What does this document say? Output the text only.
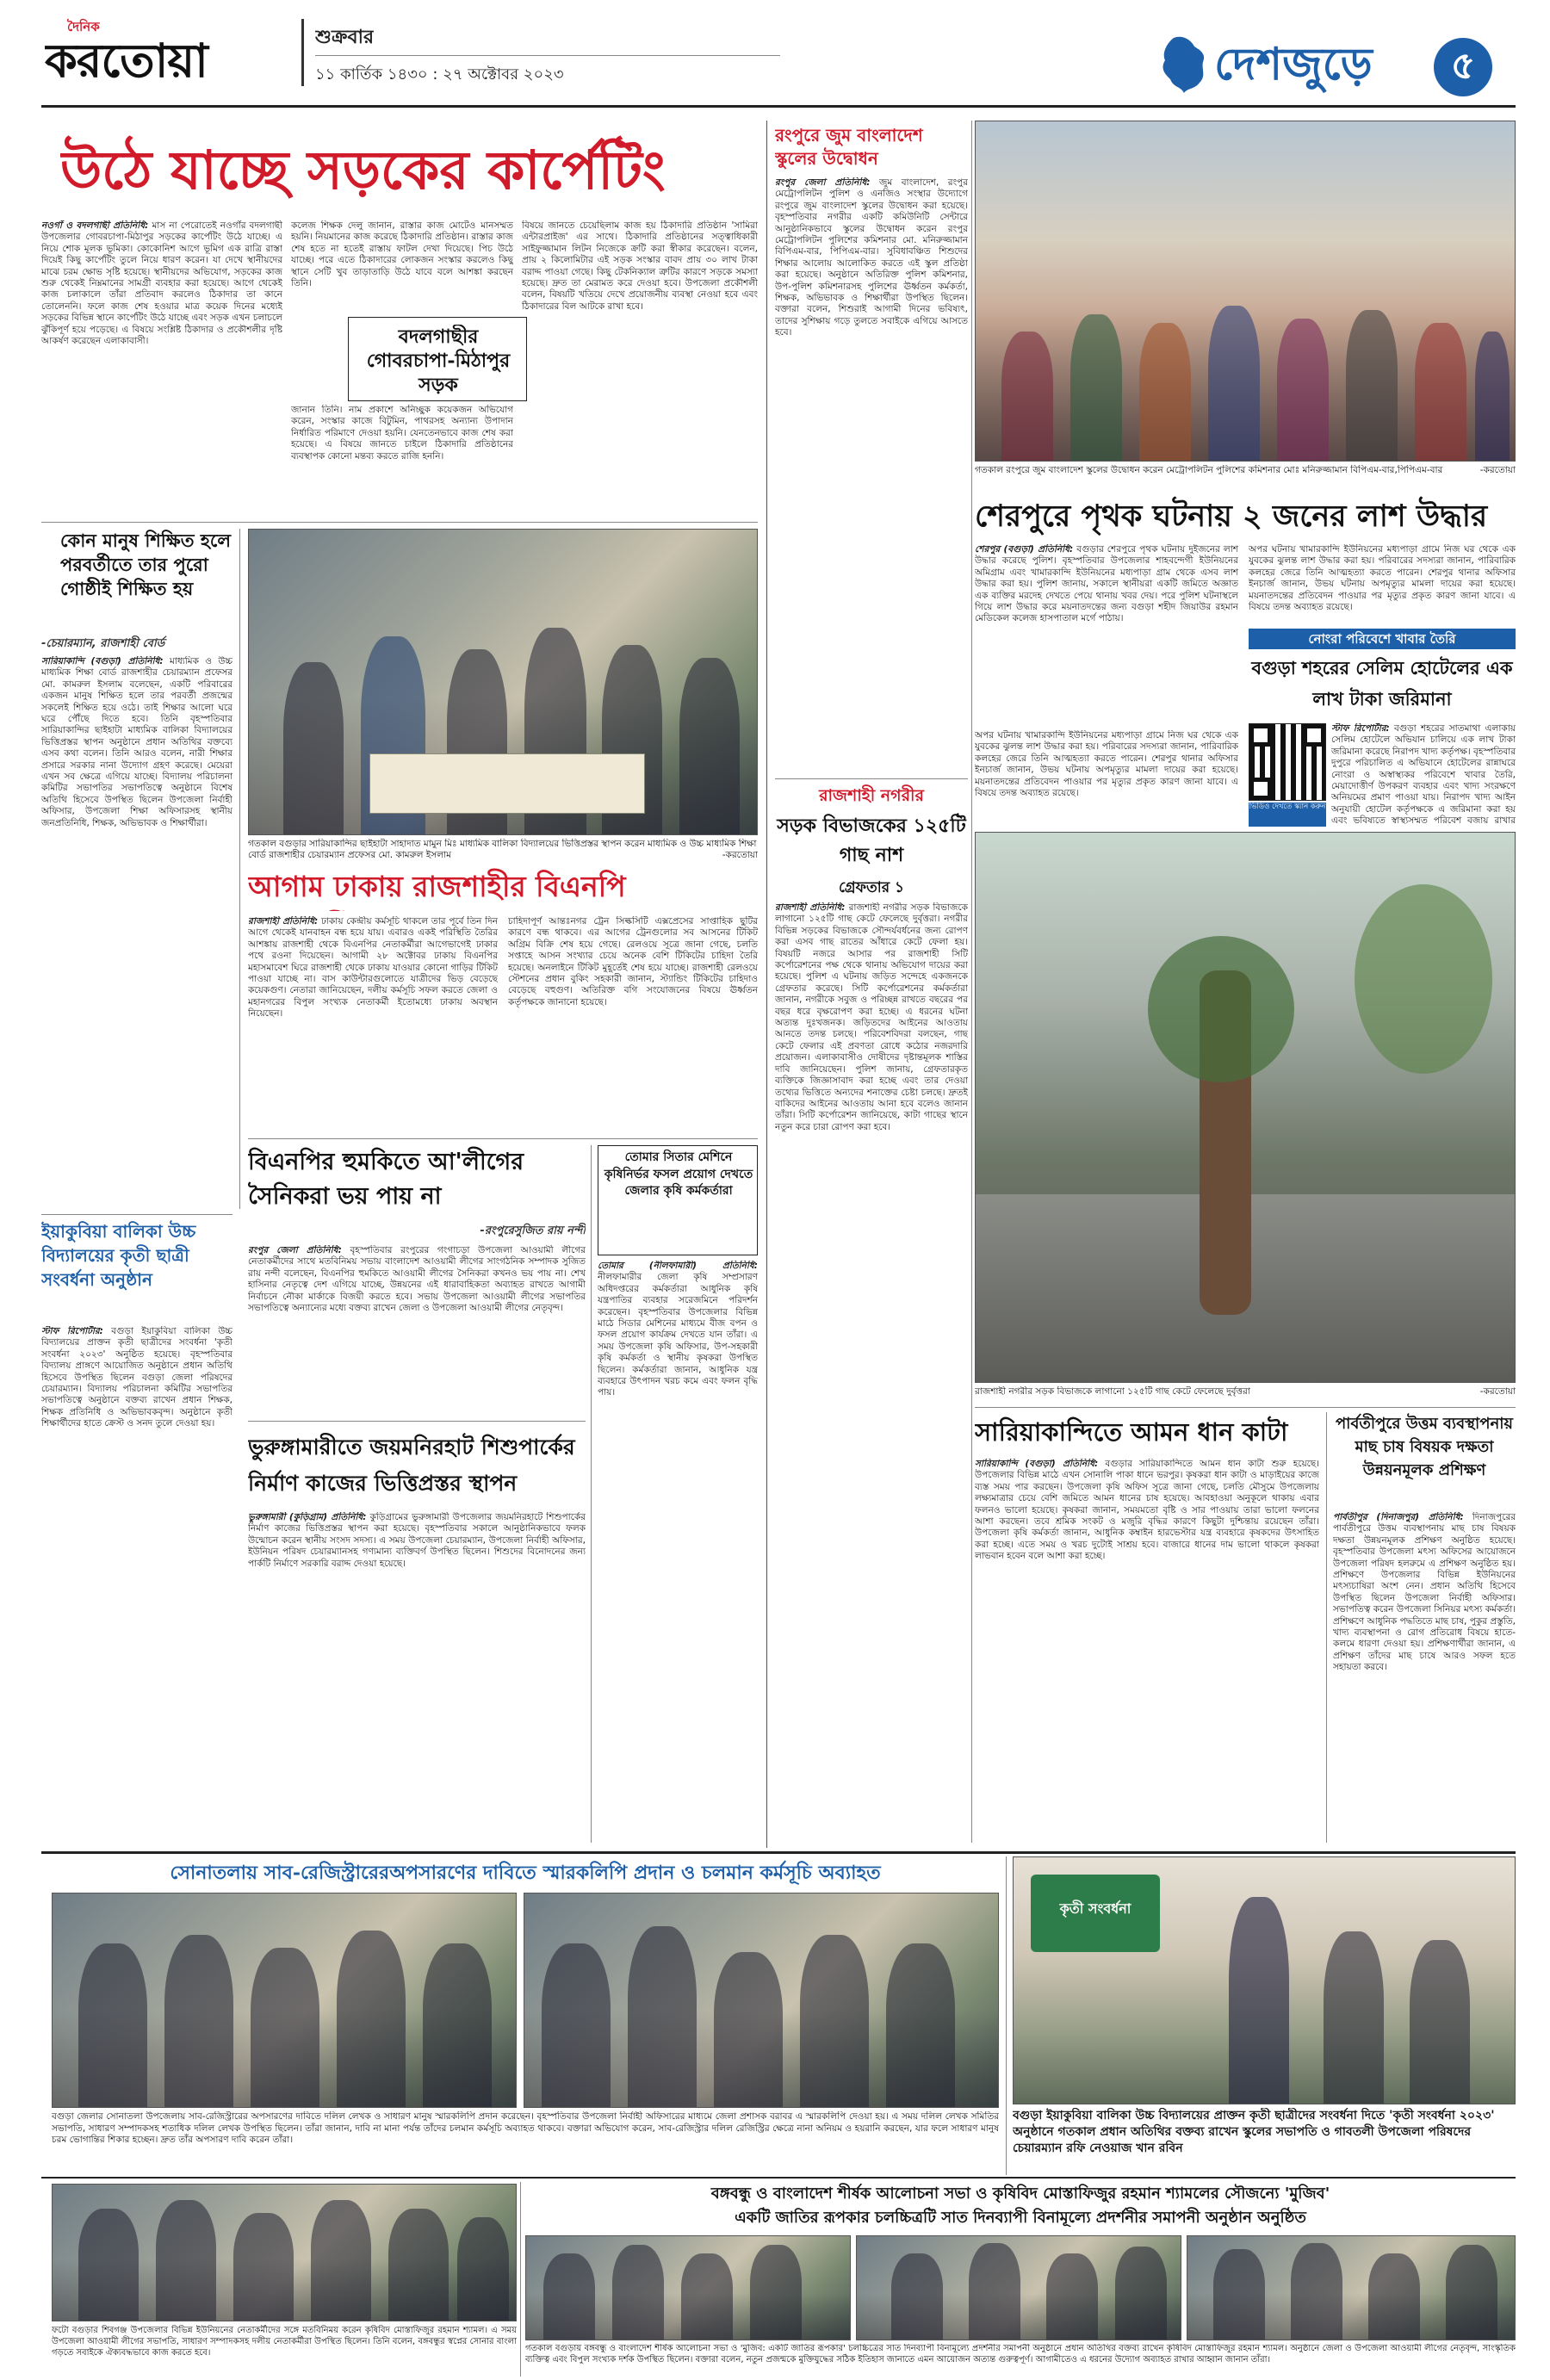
দৈনিক
করতোয়া	শুক্রবার
১১ কার্তিক ১৪৩০ : ২৭ অক্টোবর ২০২৩	দেশজুড়ে	৫
উঠে যাচ্ছে সড়কের কার্পেটিং
নওগাঁ ও বদলগাছী প্রতিনিধি: মাস না পেরোতেই নওগাঁর বদলগাছী উপজেলার গোবরচাপা-মিঠাপুর সড়কের কার্পেটিং উঠে যাচ্ছে। এ নিয়ে শোক মূলক ভূমিকা। কোকোনিশ আগে ভূমিগ এক রাত্রি রাস্তা দিয়েই কিছু কার্পেটিং তুলে নিয়ে ধারণ করেন। যা দেখে স্থানীয়দের মাঝে চরম ক্ষোভ সৃষ্টি হয়েছে। স্থানীয়দের অভিযোগ, সড়কের কাজ শুরু থেকেই নিম্নমানের সামগ্রী ব্যবহার করা হয়েছে। আগে থেকেই কাজ চলাকালে তাঁরা প্রতিবাদ করলেও ঠিকাদার তা কানে তোলেননি। ফলে কাজ শেষ হওয়ার মাত্র কয়েক দিনের মধ্যেই সড়কের বিভিন্ন স্থানে কার্পেটিং উঠে যাচ্ছে এবং সড়ক এখন চলাচলে ঝুঁকিপূর্ণ হয়ে পড়েছে। এ বিষয়ে সংশ্লিষ্ট ঠিকাদার ও প্রকৌশলীর দৃষ্টি আকর্ষণ করেছেন এলাকাবাসী।
কলেজ শিক্ষক দেলু জানান, রাস্তার কাজ মোটেও মানসম্মত হয়নি। নিয়মানের কাজ করেছে ঠিকাদারি প্রতিষ্ঠান। রাস্তার কাজ শেষ হতে না হতেই রাস্তায় ফাটল দেখা দিয়েছে। পিচ উঠে যাচ্ছে। পরে এতে ঠিকাদারের লোকজন সংস্কার করলেও কিছু স্থানে সেটি খুব তাড়াতাড়ি উঠে যাবে বলে আশঙ্কা করছেন তিনি।
বদলগাছীর গোবরচাপা-মিঠাপুর সড়ক
জানান তিনি। নাম প্রকাশে অনিচ্ছুক কয়েকজন অভিযোগ করেন, সংস্কার কাজে বিটুমিন, পাথরসহ অন্যান্য উপাদান নির্ধারিত পরিমাণে দেওয়া হয়নি। যেনতেনভাবে কাজ শেষ করা হয়েছে। এ বিষয়ে জানতে চাইলে ঠিকাদারি প্রতিষ্ঠানের ব্যবস্থাপক কোনো মন্তব্য করতে রাজি হননি।
বিষয়ে জানতে চেয়েছিলাম কাজ হয় ঠিকাদারি প্রতিষ্ঠান 'সামিরা এন্টারপ্রাইজ' এর সাথে। ঠিকাদারি প্রতিষ্ঠানের সত্ত্বাধিকারী সাইফুজ্জামান লিটন নিজেকে ক্রটি করা স্বীকার করেছেন। বলেন, প্রায় ২ কিলোমিটার এই সড়ক সংস্কার বাবদ প্রায় ৩০ লাখ টাকা বরাদ্দ পাওয়া গেছে। কিছু টেকনিক্যাল ত্রুটির কারণে সড়কে সমস্যা হয়েছে। দ্রুত তা মেরামত করে দেওয়া হবে। উপজেলা প্রকৌশলী বলেন, বিষয়টি খতিয়ে দেখে প্রয়োজনীয় ব্যবস্থা নেওয়া হবে এবং ঠিকাদারের বিল আটকে রাখা হবে।
কোন মানুষ শিক্ষিত হলে পরবর্তীতে তার পুরো গোষ্ঠীই শিক্ষিত হয়
-চেয়ারম্যান, রাজশাহী বোর্ড
সারিয়াকান্দি (বগুড়া) প্রতিনিধি: মাধ্যমিক ও উচ্চ মাধ্যমিক শিক্ষা বোর্ড রাজশাহীর চেয়ারম্যান প্রফেসর মো. কামরুল ইসলাম বলেছেন, একটি পরিবারের একজন মানুষ শিক্ষিত হলে তার পরবর্তী প্রজন্মের সকলেই শিক্ষিত হয়ে ওঠে। তাই শিক্ষার আলো ঘরে ঘরে পৌঁছে দিতে হবে। তিনি বৃহস্পতিবার সারিয়াকান্দির ছাইহাটা মাধ্যমিক বালিকা বিদ্যালয়ের ভিত্তিপ্রস্তর স্থাপন অনুষ্ঠানে প্রধান অতিথির বক্তব্যে এসব কথা বলেন। তিনি আরও বলেন, নারী শিক্ষার প্রসারে সরকার নানা উদ্যোগ গ্রহণ করেছে। মেয়েরা এখন সব ক্ষেত্রে এগিয়ে যাচ্ছে। বিদ্যালয় পরিচালনা কমিটির সভাপতির সভাপতিত্বে অনুষ্ঠানে বিশেষ অতিথি হিসেবে উপস্থিত ছিলেন উপজেলা নির্বাহী অফিসার, উপজেলা শিক্ষা অফিসারসহ স্থানীয় জনপ্রতিনিধি, শিক্ষক, অভিভাবক ও শিক্ষার্থীরা।
গতকাল বগুড়ার সারিয়াকান্দির ছাইহাটা সাহাদাত মামুন মিঃ মাধ্যমিক বালিকা বিদ্যালয়ের ভিত্তিপ্রস্তর স্থাপন করেন মাধ্যমিক ও উচ্চ মাধ্যমিক শিক্ষা বোর্ড রাজশাহীর চেয়ারম্যান প্রফেসর মো. কামরুল ইসলাম	-করতোয়া
আগাম ঢাকায় রাজশাহীর বিএনপি
রাজশাহী প্রতিনিধি: ঢাকায় কেন্দ্রীয় কর্মসূচি থাকলে তার পূর্বে তিন দিন আগে থেকেই যানবাহন বন্ধ হয়ে যায়। এবারও একই পরিস্থিতি তৈরির আশঙ্কায় রাজশাহী থেকে বিএনপির নেতাকর্মীরা আগেভাগেই ঢাকার পথে রওনা দিয়েছেন। আগামী ২৮ অক্টোবর ঢাকায় বিএনপির মহাসমাবেশ ঘিরে রাজশাহী থেকে ঢাকায় যাওয়ার কোনো গাড়ির টিকিট পাওয়া যাচ্ছে না। বাস কাউন্টারগুলোতে যাত্রীদের ভিড় বেড়েছে কয়েকগুণ। নেতারা জানিয়েছেন, দলীয় কর্মসূচি সফল করতে জেলা ও মহানগরের বিপুল সংখ্যক নেতাকর্মী ইতোমধ্যে ঢাকায় অবস্থান নিয়েছেন।
চাহিদাপূর্ণ আন্তঃনগর ট্রেন সিল্কসিটি এক্সপ্রেসের সাপ্তাহিক ছুটির কারণে বন্ধ থাকবে। এর আগের ট্রেনগুলোর সব আসনের টিকিট অগ্রিম বিক্রি শেষ হয়ে গেছে। রেলওয়ে সূত্রে জানা গেছে, চলতি সপ্তাহে আসন সংখ্যার চেয়ে অনেক বেশি টিকিটের চাহিদা তৈরি হয়েছে। অনলাইনে টিকিট মুহূর্তেই শেষ হয়ে যাচ্ছে। রাজশাহী রেলওয়ে স্টেশনের প্রধান বুকিং সহকারী জানান, স্ট্যান্ডিং টিকিটের চাহিদাও বেড়েছে বহুগুণ। অতিরিক্ত বগি সংযোজনের বিষয়ে ঊর্ধ্বতন কর্তৃপক্ষকে জানানো হয়েছে।
বিএনপির হুমকিতে আ'লীগের সৈনিকরা ভয় পায় না
-রংপুরেসুজিত রায় নন্দী
রংপুর জেলা প্রতিনিধি: বৃহস্পতিবার রংপুরের গংগাচড়া উপজেলা আওয়ামী লীগের নেতাকর্মীদের সাথে মতবিনিময় সভায় বাংলাদেশ আওয়ামী লীগের সাংগঠনিক সম্পাদক সুজিত রায় নন্দী বলেছেন, বিএনপির হুমকিতে আওয়ামী লীগের সৈনিকরা কখনও ভয় পায় না। শেখ হাসিনার নেতৃত্বে দেশ এগিয়ে যাচ্ছে, উন্নয়নের এই ধারাবাহিকতা অব্যাহত রাখতে আগামী নির্বাচনে নৌকা মার্কাকে বিজয়ী করতে হবে। সভায় উপজেলা আওয়ামী লীগের সভাপতির সভাপতিত্বে অন্যান্যের মধ্যে বক্তব্য রাখেন জেলা ও উপজেলা আওয়ামী লীগের নেতৃবৃন্দ।
তোমার সিতার মেশিনে কৃষিনির্ভর ফসল প্রয়োগ দেখতে জেলার কৃষি কর্মকর্তারা
তোমার (নীলফামারী) প্রতিনিধি: নীলফামারীর জেলা কৃষি সম্প্রসারণ অধিদপ্তরের কর্মকর্তারা আধুনিক কৃষি যন্ত্রপাতির ব্যবহার সরেজমিনে পরিদর্শন করেছেন। বৃহস্পতিবার উপজেলার বিভিন্ন মাঠে সিডার মেশিনের মাধ্যমে বীজ বপন ও ফসল প্রয়োগ কার্যক্রম দেখতে যান তাঁরা। এ সময় উপজেলা কৃষি অফিসার, উপ-সহকারী কৃষি কর্মকর্তা ও স্থানীয় কৃষকরা উপস্থিত ছিলেন। কর্মকর্তারা জানান, আধুনিক যন্ত্র ব্যবহারে উৎপাদন খরচ কমে এবং ফলন বৃদ্ধি পায়।
ইয়াকুবিয়া বালিকা উচ্চ বিদ্যালয়ের কৃতী ছাত্রী সংবর্ধনা অনুষ্ঠান
স্টাফ রিপোর্টার: বগুড়া ইয়াকুবিয়া বালিকা উচ্চ বিদ্যালয়ের প্রাক্তন কৃতী ছাত্রীদের সংবর্ধনা 'কৃতী সংবর্ধনা ২০২৩' অনুষ্ঠিত হয়েছে। বৃহস্পতিবার বিদ্যালয় প্রাঙ্গণে আয়োজিত অনুষ্ঠানে প্রধান অতিথি হিসেবে উপস্থিত ছিলেন বগুড়া জেলা পরিষদের চেয়ারম্যান। বিদ্যালয় পরিচালনা কমিটির সভাপতির সভাপতিত্বে অনুষ্ঠানে বক্তব্য রাখেন প্রধান শিক্ষক, শিক্ষক প্রতিনিধি ও অভিভাবকবৃন্দ। অনুষ্ঠানে কৃতী শিক্ষার্থীদের হাতে ক্রেস্ট ও সনদ তুলে দেওয়া হয়।
ভুরুঙ্গামারীতে জয়মনিরহাট শিশুপার্কের নির্মাণ কাজের ভিত্তিপ্রস্তর স্থাপন
ভুরুঙ্গামারী (কুড়িগ্রাম) প্রতিনিধি: কুড়িগ্রামের ভুরুঙ্গামারী উপজেলার জয়মনিরহাটে শিশুপার্কের নির্মাণ কাজের ভিত্তিপ্রস্তর স্থাপন করা হয়েছে। বৃহস্পতিবার সকালে আনুষ্ঠানিকভাবে ফলক উন্মোচন করেন স্থানীয় সংসদ সদস্য। এ সময় উপজেলা চেয়ারম্যান, উপজেলা নির্বাহী অফিসার, ইউনিয়ন পরিষদ চেয়ারম্যানসহ গণ্যমান্য ব্যক্তিবর্গ উপস্থিত ছিলেন। শিশুদের বিনোদনের জন্য পার্কটি নির্মাণে সরকারি বরাদ্দ দেওয়া হয়েছে।
রংপুরে জুম বাংলাদেশ স্কুলের উদ্বোধন
রংপুর জেলা প্রতিনিধি: জুম বাংলাদেশ, রংপুর মেট্রোপলিটন পুলিশ ও এনজিও সংস্থার উদ্যোগে রংপুরে জুম বাংলাদেশ স্কুলের উদ্বোধন করা হয়েছে। বৃহস্পতিবার নগরীর একটি কমিউনিটি সেন্টারে আনুষ্ঠানিকভাবে স্কুলের উদ্বোধন করেন রংপুর মেট্রোপলিটন পুলিশের কমিশনার মো. মনিরুজ্জামান বিপিএম-বার, পিপিএম-বার। সুবিধাবঞ্চিত শিশুদের শিক্ষার আলোয় আলোকিত করতে এই স্কুল প্রতিষ্ঠা করা হয়েছে। অনুষ্ঠানে অতিরিক্ত পুলিশ কমিশনার, উপ-পুলিশ কমিশনারসহ পুলিশের ঊর্ধ্বতন কর্মকর্তা, শিক্ষক, অভিভাবক ও শিক্ষার্থীরা উপস্থিত ছিলেন। বক্তারা বলেন, শিশুরাই আগামী দিনের ভবিষ্যৎ, তাদের সুশিক্ষায় গড়ে তুলতে সবাইকে এগিয়ে আসতে হবে।
গতকাল রংপুরে জুম বাংলাদেশ স্কুলের উদ্বোধন করেন মেট্রোপলিটন পুলিশের কমিশনার মোঃ মনিরুজ্জামান বিপিএম-বার,পিপিএম-বার	-করতোয়া
শেরপুরে পৃথক ঘটনায় ২ জনের লাশ উদ্ধার
শেরপুর (বগুড়া) প্রতিনিধি: বগুড়ার শেরপুরে পৃথক ঘটনায় দুইজনের লাশ উদ্ধার করেছে পুলিশ। বৃহস্পতিবার উপজেলার শাহবন্দেগী ইউনিয়নের অমিগ্রাম এবং খামারকান্দি ইউনিয়নের মধ্যপাড়া গ্রাম থেকে এসব লাশ উদ্ধার করা হয়। পুলিশ জানায়, সকালে স্থানীয়রা একটি জমিতে অজ্ঞাত এক ব্যক্তির মরদেহ দেখতে পেয়ে থানায় খবর দেয়। পরে পুলিশ ঘটনাস্থলে গিয়ে লাশ উদ্ধার করে ময়নাতদন্তের জন্য বগুড়া শহীদ জিয়াউর রহমান মেডিকেল কলেজ হাসপাতাল মর্গে পাঠায়।
অপর ঘটনায় খামারকান্দি ইউনিয়নের মধ্যপাড়া গ্রামে নিজ ঘর থেকে এক যুবকের ঝুলন্ত লাশ উদ্ধার করা হয়। পরিবারের সদস্যরা জানান, পারিবারিক কলহের জেরে তিনি আত্মহত্যা করতে পারেন। শেরপুর থানার অফিসার ইনচার্জ জানান, উভয় ঘটনায় অপমৃত্যুর মামলা দায়ের করা হয়েছে। ময়নাতদন্তের প্রতিবেদন পাওয়ার পর মৃত্যুর প্রকৃত কারণ জানা যাবে। এ বিষয়ে তদন্ত অব্যাহত রয়েছে।
নোংরা পরিবেশে খাবার তৈরি
বগুড়া শহরের সেলিম হোটেলের এক লাখ টাকা জরিমানা
ভিডিও দেখতে স্ক্যান করুন
স্টাফ রিপোর্টার: বগুড়া শহরের সাতমাথা এলাকায় সেলিম হোটেলে অভিযান চালিয়ে এক লাখ টাকা জরিমানা করেছে নিরাপদ খাদ্য কর্তৃপক্ষ। বৃহস্পতিবার দুপুরে পরিচালিত এ অভিযানে হোটেলের রান্নাঘরে নোংরা ও অস্বাস্থ্যকর পরিবেশে খাবার তৈরি, মেয়াদোত্তীর্ণ উপকরণ ব্যবহার এবং খাদ্য সংরক্ষণে অনিয়মের প্রমাণ পাওয়া যায়। নিরাপদ খাদ্য আইন অনুযায়ী হোটেল কর্তৃপক্ষকে এ জরিমানা করা হয় এবং ভবিষ্যতে স্বাস্থ্যসম্মত পরিবেশ বজায় রাখার
অপর ঘটনায় খামারকান্দি ইউনিয়নের মধ্যপাড়া গ্রামে নিজ ঘর থেকে এক যুবকের ঝুলন্ত লাশ উদ্ধার করা হয়। পরিবারের সদস্যরা জানান, পারিবারিক কলহের জেরে তিনি আত্মহত্যা করতে পারেন। শেরপুর থানার অফিসার ইনচার্জ জানান, উভয় ঘটনায় অপমৃত্যুর মামলা দায়ের করা হয়েছে। ময়নাতদন্তের প্রতিবেদন পাওয়ার পর মৃত্যুর প্রকৃত কারণ জানা যাবে। এ বিষয়ে তদন্ত অব্যাহত রয়েছে।
রাজশাহী নগরীর
সড়ক বিভাজকের ১২৫টি গাছ নাশ
গ্রেফতার ১
রাজশাহী প্রতিনিধি: রাজশাহী নগরীর সড়ক বিভাজকে লাগানো ১২৫টি গাছ কেটে ফেলেছে দুর্বৃত্তরা। নগরীর বিভিন্ন সড়কের বিভাজকে সৌন্দর্যবর্ধনের জন্য রোপণ করা এসব গাছ রাতের আঁধারে কেটে ফেলা হয়। বিষয়টি নজরে আসার পর রাজশাহী সিটি কর্পোরেশনের পক্ষ থেকে থানায় অভিযোগ দায়ের করা হয়েছে। পুলিশ এ ঘটনায় জড়িত সন্দেহে একজনকে গ্রেফতার করেছে। সিটি কর্পোরেশনের কর্মকর্তারা জানান, নগরীকে সবুজ ও পরিচ্ছন্ন রাখতে বছরের পর বছর ধরে বৃক্ষরোপণ করা হচ্ছে। এ ধরনের ঘটনা অত্যন্ত দুঃখজনক। জড়িতদের আইনের আওতায় আনতে তদন্ত চলছে। পরিবেশবিদরা বলছেন, গাছ কেটে ফেলার এই প্রবণতা রোধে কঠোর নজরদারি প্রয়োজন। এলাকাবাসীও দোষীদের দৃষ্টান্তমূলক শাস্তির দাবি জানিয়েছেন। পুলিশ জানায়, গ্রেফতারকৃত ব্যক্তিকে জিজ্ঞাসাবাদ করা হচ্ছে এবং তার দেওয়া তথ্যের ভিত্তিতে অন্যদের শনাক্তের চেষ্টা চলছে। দ্রুতই বাকিদের আইনের আওতায় আনা হবে বলেও জানান তাঁরা। সিটি কর্পোরেশন জানিয়েছে, কাটা গাছের স্থানে নতুন করে চারা রোপণ করা হবে।
রাজশাহী নগরীর সড়ক বিভাজকে লাগানো ১২৫টি গাছ কেটে ফেলেছে দুর্বৃত্তরা	-করতোয়া
সারিয়াকান্দিতে আমন ধান কাটা
সারিয়াকান্দি (বগুড়া) প্রতিনিধি: বগুড়ার সারিয়াকান্দিতে আমন ধান কাটা শুরু হয়েছে। উপজেলার বিভিন্ন মাঠে এখন সোনালি পাকা ধানে ভরপুর। কৃষকরা ধান কাটা ও মাড়াইয়ের কাজে ব্যস্ত সময় পার করছেন। উপজেলা কৃষি অফিস সূত্রে জানা গেছে, চলতি মৌসুমে উপজেলায় লক্ষ্যমাত্রার চেয়ে বেশি জমিতে আমন ধানের চাষ হয়েছে। আবহাওয়া অনুকূলে থাকায় এবার ফলনও ভালো হয়েছে। কৃষকরা জানান, সময়মতো বৃষ্টি ও সার পাওয়ায় তারা ভালো ফলনের আশা করছেন। তবে শ্রমিক সংকট ও মজুরি বৃদ্ধির কারণে কিছুটা দুশ্চিন্তায় রয়েছেন তাঁরা। উপজেলা কৃষি কর্মকর্তা জানান, আধুনিক কম্বাইন হারভেস্টার যন্ত্র ব্যবহারে কৃষকদের উৎসাহিত করা হচ্ছে। এতে সময় ও খরচ দুটোই সাশ্রয় হবে। বাজারে ধানের দাম ভালো থাকলে কৃষকরা লাভবান হবেন বলে আশা করা হচ্ছে।
পার্বতীপুরে উত্তম ব্যবস্থাপনায় মাছ চাষ বিষয়ক দক্ষতা উন্নয়নমূলক প্রশিক্ষণ
পার্বতীপুর (দিনাজপুর) প্রতিনিধি: দিনাজপুরের পার্বতীপুরে উত্তম ব্যবস্থাপনায় মাছ চাষ বিষয়ক দক্ষতা উন্নয়নমূলক প্রশিক্ষণ অনুষ্ঠিত হয়েছে। বৃহস্পতিবার উপজেলা মৎস্য অফিসের আয়োজনে উপজেলা পরিষদ হলরুমে এ প্রশিক্ষণ অনুষ্ঠিত হয়। প্রশিক্ষণে উপজেলার বিভিন্ন ইউনিয়নের মৎস্যচাষিরা অংশ নেন। প্রধান অতিথি হিসেবে উপস্থিত ছিলেন উপজেলা নির্বাহী অফিসার। সভাপতিত্ব করেন উপজেলা সিনিয়র মৎস্য কর্মকর্তা। প্রশিক্ষণে আধুনিক পদ্ধতিতে মাছ চাষ, পুকুর প্রস্তুতি, খাদ্য ব্যবস্থাপনা ও রোগ প্রতিরোধ বিষয়ে হাতে-কলমে ধারণা দেওয়া হয়। প্রশিক্ষণার্থীরা জানান, এ প্রশিক্ষণ তাঁদের মাছ চাষে আরও সফল হতে সহায়তা করবে।
সোনাতলায় সাব-রেজিস্ট্রারেরঅপসারণের দাবিতে স্মারকলিপি প্রদান ও চলমান কর্মসূচি অব্যাহত
বগুড়া জেলার সোনাতলা উপজেলায় সাব-রেজিস্ট্রারের অপসারণের দাবিতে দলিল লেখক ও সাধারণ মানুষ স্মারকলিপি প্রদান করেছেন। বৃহস্পতিবার উপজেলা নির্বাহী অফিসারের মাধ্যমে জেলা প্রশাসক বরাবর এ স্মারকলিপি দেওয়া হয়। এ সময় দলিল লেখক সমিতির সভাপতি, সাধারণ সম্পাদকসহ শতাধিক দলিল লেখক উপস্থিত ছিলেন। তাঁরা জানান, দাবি না মানা পর্যন্ত তাঁদের চলমান কর্মসূচি অব্যাহত থাকবে। বক্তারা অভিযোগ করেন, সাব-রেজিস্ট্রার দলিল রেজিস্ট্রির ক্ষেত্রে নানা অনিয়ম ও হয়রানি করছেন, যার ফলে সাধারণ মানুষ চরম ভোগান্তির শিকার হচ্ছেন। দ্রুত তাঁর অপসারণ দাবি করেন তাঁরা।
কৃতী সংবর্ধনা
বগুড়া ইয়াকুবিয়া বালিকা উচ্চ বিদ্যালয়ের প্রাক্তন কৃতী ছাত্রীদের সংবর্ধনা দিতে 'কৃতী সংবর্ধনা ২০২৩' অনুষ্ঠানে গতকাল প্রধান অতিথির বক্তব্য রাখেন স্কুলের সভাপতি ও গাবতলী উপজেলা পরিষদের চেয়ারম্যান রফি নেওয়াজ খান রবিন
বঙ্গবন্ধু ও বাংলাদেশ শীর্ষক আলোচনা সভা ও কৃষিবিদ মোস্তাফিজুর রহমান শ্যামলের সৌজন্যে 'মুজিব'
একটি জাতির রূপকার চলচ্চিত্রটি সাত দিনব্যাপী বিনামূল্যে প্রদর্শনীর সমাপনী অনুষ্ঠান অনুষ্ঠিত
ফটো বগুড়ার শিবগঞ্জ উপজেলার বিভিন্ন ইউনিয়নের নেতাকর্মীদের সঙ্গে মতবিনিময় করেন কৃষিবিদ মোস্তাফিজুর রহমান শ্যামল। এ সময় উপজেলা আওয়ামী লীগের সভাপতি, সাধারণ সম্পাদকসহ দলীয় নেতাকর্মীরা উপস্থিত ছিলেন। তিনি বলেন, বঙ্গবন্ধুর স্বপ্নের সোনার বাংলা গড়তে সবাইকে ঐক্যবদ্ধভাবে কাজ করতে হবে।	গতকাল বগুড়ায় বঙ্গবন্ধু ও বাংলাদেশ শীর্ষক আলোচনা সভা ও 'মুজিব: একটি জাতির রূপকার' চলচ্চিত্রের সাত দিনব্যাপী বিনামূল্যে প্রদর্শনীর সমাপনী অনুষ্ঠানে প্রধান অতিথির বক্তব্য রাখেন কৃষিবিদ মোস্তাফিজুর রহমান শ্যামল। অনুষ্ঠানে জেলা ও উপজেলা আওয়ামী লীগের নেতৃবৃন্দ, সাংস্কৃতিক ব্যক্তিত্ব এবং বিপুল সংখ্যক দর্শক উপস্থিত ছিলেন। বক্তারা বলেন, নতুন প্রজন্মকে মুক্তিযুদ্ধের সঠিক ইতিহাস জানাতে এমন আয়োজন অত্যন্ত গুরুত্বপূর্ণ। আগামীতেও এ ধরনের উদ্যোগ অব্যাহত রাখার আহ্বান জানান তাঁরা।
